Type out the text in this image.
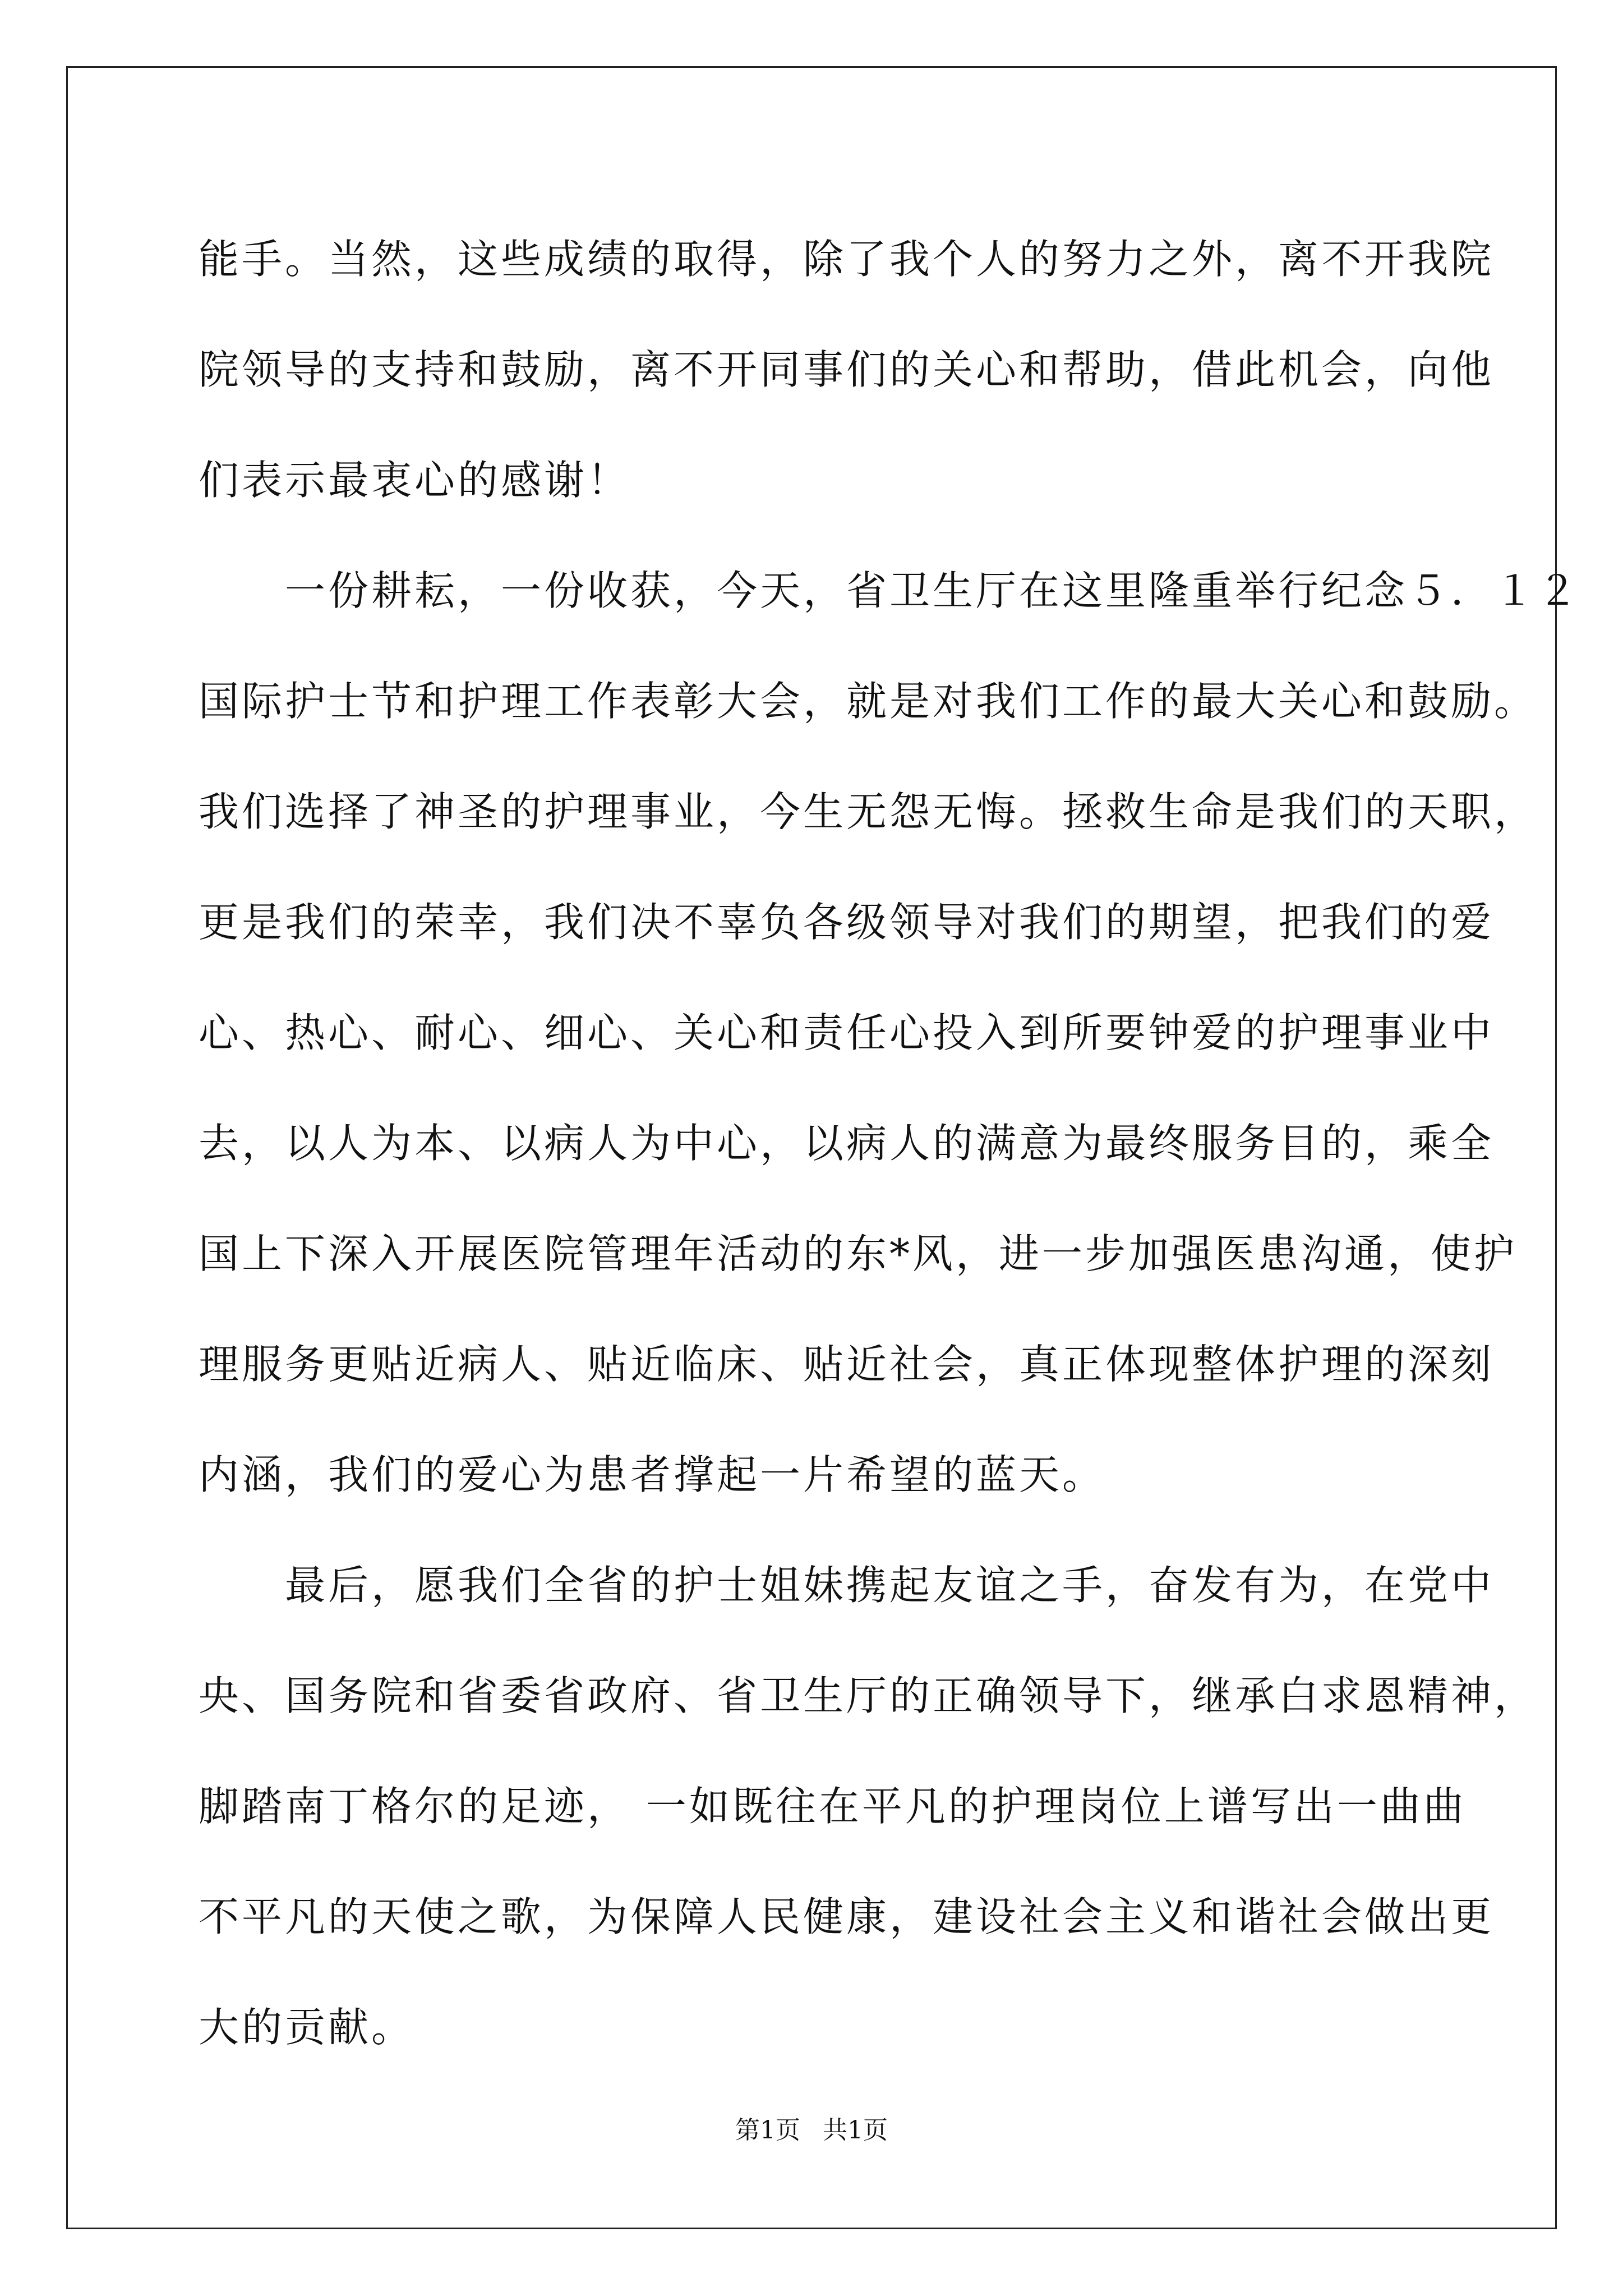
能手。当然，这些成绩的取得，除了我个人的努力之外，离不开我院
院领导的支持和鼓励，离不开同事们的关心和帮助，借此机会，向他
们表示最衷心的感谢！
　　一份耕耘，一份收获，今天，省卫生厅在这里隆重举行纪念５．１２
国际护士节和护理工作表彰大会，就是对我们工作的最大关心和鼓励。
我们选择了神圣的护理事业，今生无怨无悔。拯救生命是我们的天职，
更是我们的荣幸，我们决不辜负各级领导对我们的期望，把我们的爱
心、热心、耐心、细心、关心和责任心投入到所要钟爱的护理事业中
去，以人为本、以病人为中心，以病人的满意为最终服务目的，乘全
国上下深入开展医院管理年活动的东*风，进一步加强医患沟通，使护
理服务更贴近病人、贴近临床、贴近社会，真正体现整体护理的深刻
内涵，我们的爱心为患者撑起一片希望的蓝天。
　　最后，愿我们全省的护士姐妹携起友谊之手，奋发有为，在党中
央、国务院和省委省政府、省卫生厅的正确领导下，继承白求恩精神，
脚踏南丁格尔的足迹， 一如既往在平凡的护理岗位上谱写出一曲曲
不平凡的天使之歌，为保障人民健康，建设社会主义和谐社会做出更
大的贡献。
第1页 共1页
